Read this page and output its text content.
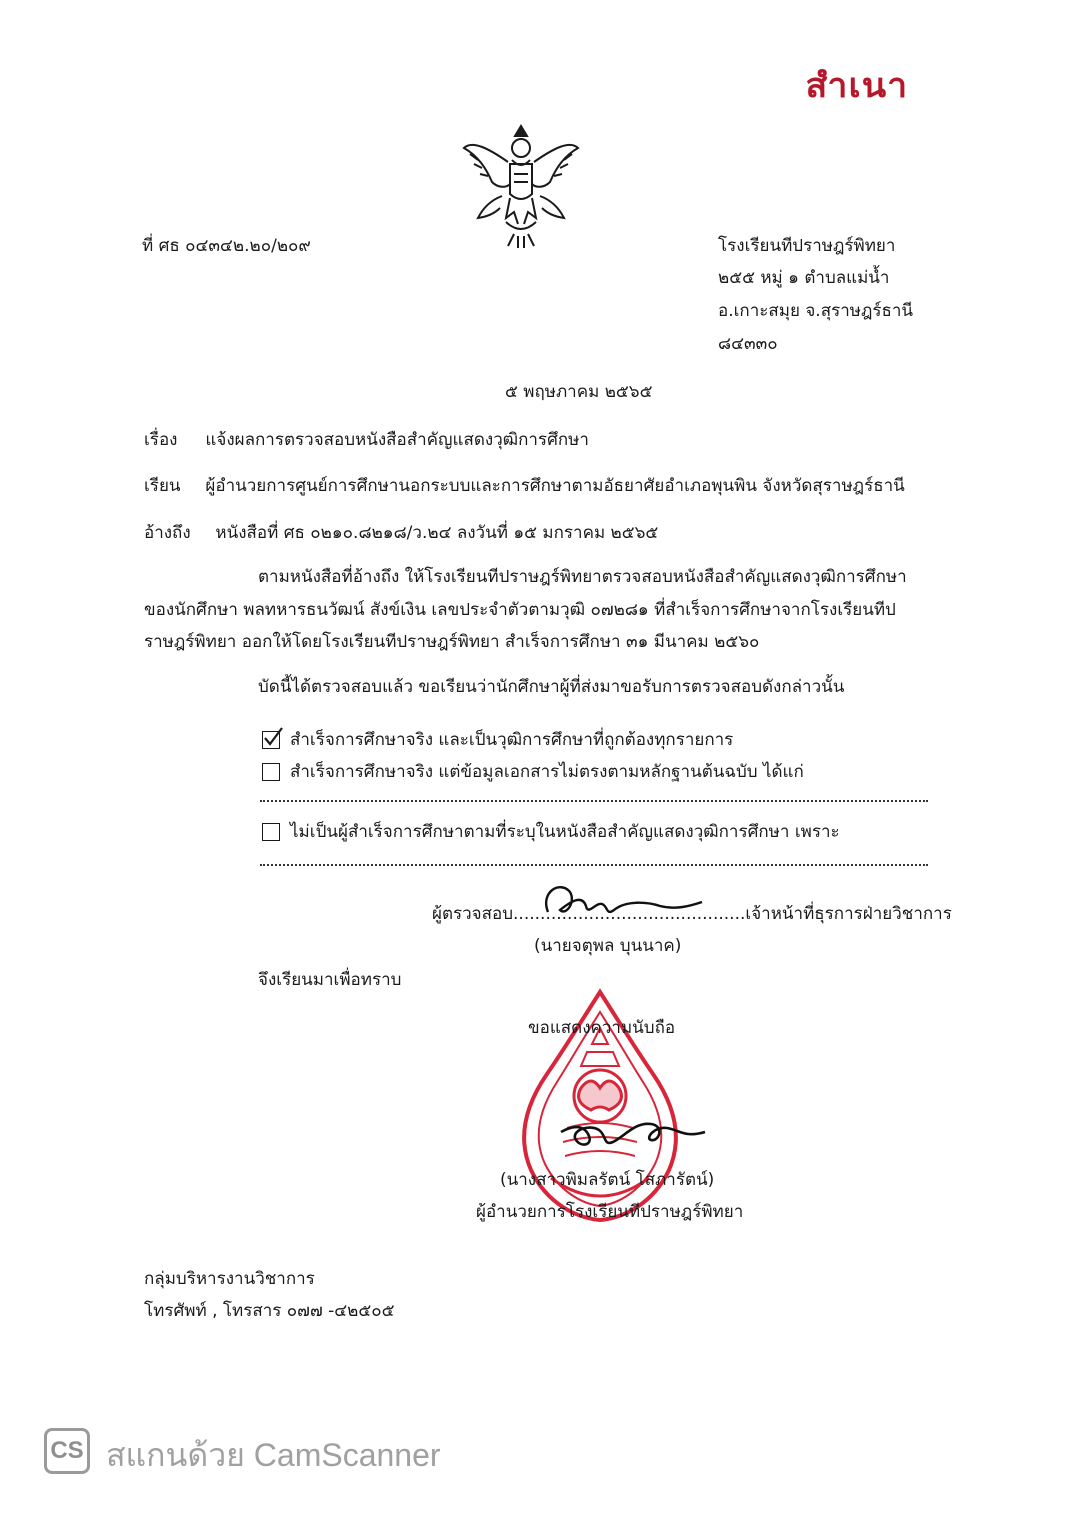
สำเนา
ที่ ศธ ๐๔๓๔๒.๒๐/๒๐๙	โรงเรียนทีปราษฎร์พิทยา
๒๕๕ หมู่ ๑ ตำบลแม่น้ำ
อ.เกาะสมุย จ.สุราษฎร์ธานี
๘๔๓๓๐
๕ พฤษภาคม ๒๕๖๕
เรื่อง แจ้งผลการตรวจสอบหนังสือสำคัญแสดงวุฒิการศึกษา
เรียน ผู้อำนวยการศูนย์การศึกษานอกระบบและการศึกษาตามอัธยาศัยอำเภอพุนพิน จังหวัดสุราษฎร์ธานี
อ้างถึง หนังสือที่ ศธ ๐๒๑๐.๘๒๑๘/ว.๒๔ ลงวันที่ ๑๕ มกราคม ๒๕๖๕
ตามหนังสือที่อ้างถึง ให้โรงเรียนทีปราษฎร์พิทยาตรวจสอบหนังสือสำคัญแสดงวุฒิการศึกษา
ของนักศึกษา พลทหารธนวัฒน์ สังข์เงิน เลขประจำตัวตามวุฒิ ๐๗๒๘๑ ที่สำเร็จการศึกษาจากโรงเรียนทีป
ราษฎร์พิทยา ออกให้โดยโรงเรียนทีปราษฎร์พิทยา สำเร็จการศึกษา ๓๑ มีนาคม ๒๕๖๐
บัดนี้ได้ตรวจสอบแล้ว ขอเรียนว่านักศึกษาผู้ที่ส่งมาขอรับการตรวจสอบดังกล่าวนั้น
สำเร็จการศึกษาจริง และเป็นวุฒิการศึกษาที่ถูกต้องทุกรายการ
สำเร็จการศึกษาจริง แต่ข้อมูลเอกสารไม่ตรงตามหลักฐานต้นฉบับ ได้แก่
ไม่เป็นผู้สำเร็จการศึกษาตามที่ระบุในหนังสือสำคัญแสดงวุฒิการศึกษา เพราะ
ผู้ตรวจสอบ...........................................เจ้าหน้าที่ธุรการฝ่ายวิชาการ
(นายจตุพล บุนนาค)
จึงเรียนมาเพื่อทราบ
ขอแสดงความนับถือ
(นางสาวพิมลรัตน์ โสภารัตน์)
ผู้อำนวยการโรงเรียนทีปราษฎร์พิทยา
กลุ่มบริหารงานวิชาการ
โทรศัพท์ , โทรสาร ๐๗๗ -๔๒๕๐๕
CS สแกนด้วย CamScanner
